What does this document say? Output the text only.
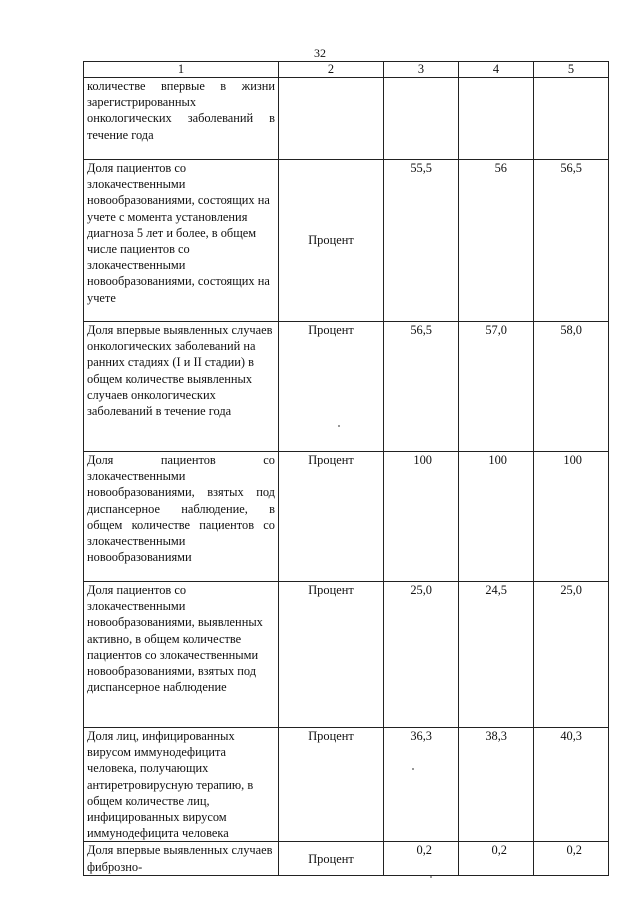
32
1	2	3	4	5
количестве впервые в жизни зарегистрированных онкологических заболеваний в течение года				
Доля пациентов со злокачественными новообразованиями, состоящих на учете с момента установления диагноза 5 лет и более, в общем числе пациентов со злокачественными новообразованиями, состоящих на учете	Процент	55,5	56	56,5
Доля впервые выявленных случаев онкологических заболеваний на ранних стадиях (I и II стадии) в общем количестве выявленных случаев онкологических заболеваний в течение года	Процент	56,5	57,0	58,0
Доля пациентов со злокачественными новообразованиями, взятых под диспансерное наблюдение, в общем количестве пациентов со злокачественными новообразованиями	Процент	100	100	100
Доля пациентов со злокачественными новообразованиями, выявленных активно, в общем количестве пациентов со злокачественными новообразованиями, взятых под диспансерное наблюдение	Процент	25,0	24,5	25,0
Доля лиц, инфицированных вирусом иммунодефицита человека, получающих антиретровирусную терапию, в общем количестве лиц, инфицированных вирусом иммунодефицита человека	Процент	36,3	38,3	40,3
Доля впервые выявленных случаев фиброзно-	Процент	0,2	0,2	0,2
